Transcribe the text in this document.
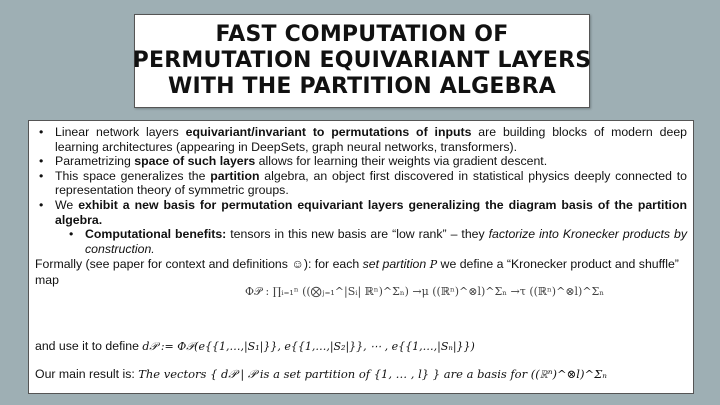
FAST COMPUTATION OF
PERMUTATION EQUIVARIANT LAYERS
WITH THE PARTITION ALGEBRA
• Linear network layers equivariant/invariant to permutations of inputs are building blocks of modern deep learning architectures (appearing in DeepSets, graph neural networks, transformers).
• Parametrizing space of such layers allows for learning their weights via gradient descent.
• This space generalizes the partition algebra, an object first discovered in statistical physics deeply connected to representation theory of symmetric groups.
• We exhibit a new basis for permutation equivariant layers generalizing the diagram basis of the partition algebra.
• Computational benefits: tensors in this new basis are “low rank” – they factorize into Kronecker products by construction.
Formally (see paper for context and definitions ☺): for each set partition 𝑃 we define a “Kronecker product and shuffle” map
Φ𝒫 : ∏ᵢ₌₁ⁿ ((⨂ⱼ₌₁^|Sᵢ| ℝⁿ)^Σₙ) →μ ((ℝⁿ)^⊗l)^Σₙ →τ ((ℝⁿ)^⊗l)^Σₙ
and use it to define d𝒫 := Φ𝒫(e{{1,…,|S₁|}}, e{{1,…,|S₂|}}, ⋯ , e{{1,…,|Sₙ|}})
Our main result is: The vectors { d𝒫 | 𝒫 is a set partition of {1, … , l} } are a basis for ((ℝⁿ)^⊗l)^Σₙ
